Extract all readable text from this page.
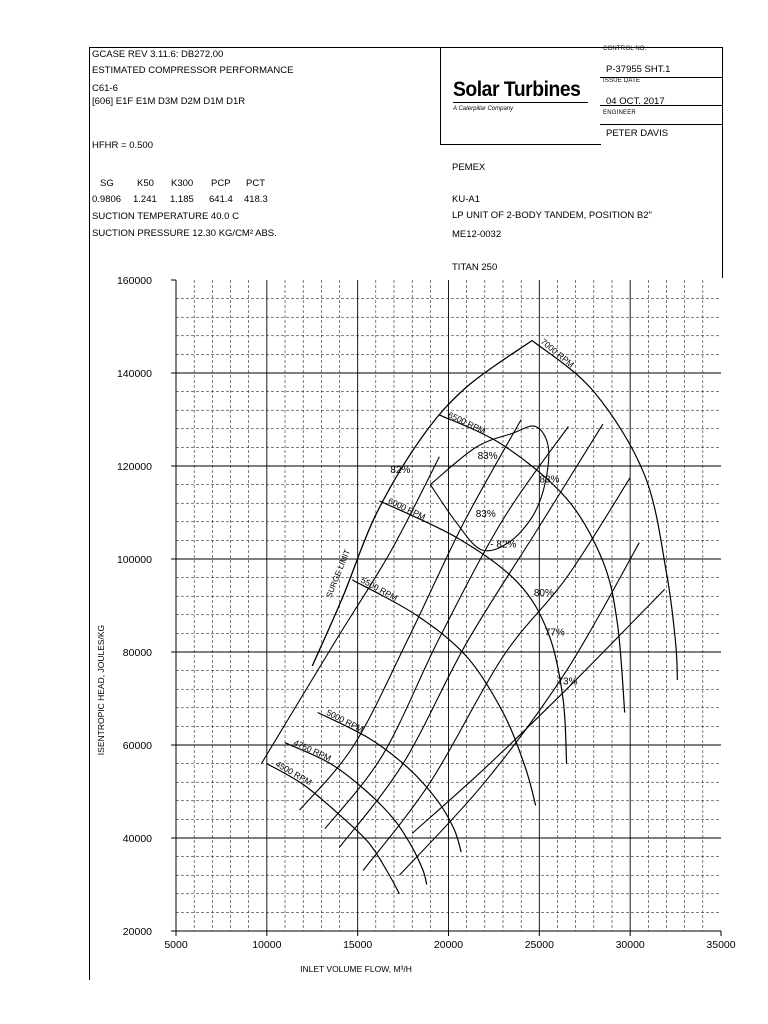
GCASE REV 3.11.6: DB272.00
ESTIMATED COMPRESSOR PERFORMANCE
C61-6
[606] E1F E1M D3M D2M D1M D1R
HFHR = 0.500
SG K50 K300 PCP PCT
0.9806 1.241 1.185 641.4 418.3
SUCTION TEMPERATURE 40.0 C
SUCTION PRESSURE 12.30 KG/CM² ABS.
Solar Turbines
A Caterpillar Company
CONTROL NO.
P-37955 SHT.1
ISSUE DATE
04 OCT. 2017
ENGINEER
PETER DAVIS
PEMEX
KU-A1
LP UNIT OF 2-BODY TANDEM, POSITION B2"
ME12-0032
TITAN 250
5000	10000	15000	20000	25000	30000	35000
20000
40000
60000
80000
100000
120000
140000
160000
INLET VOLUME FLOW, M³/H
ISENTROPIC HEAD, JOULES/KG
4500 RPM
4750 RPM
5000 RPM
5500 RPM
6000 RPM
6500 RPM
7000 RPM
SURGE LIMIT
82%
83%
83%
83%
- 82%
80%
77%
73%
